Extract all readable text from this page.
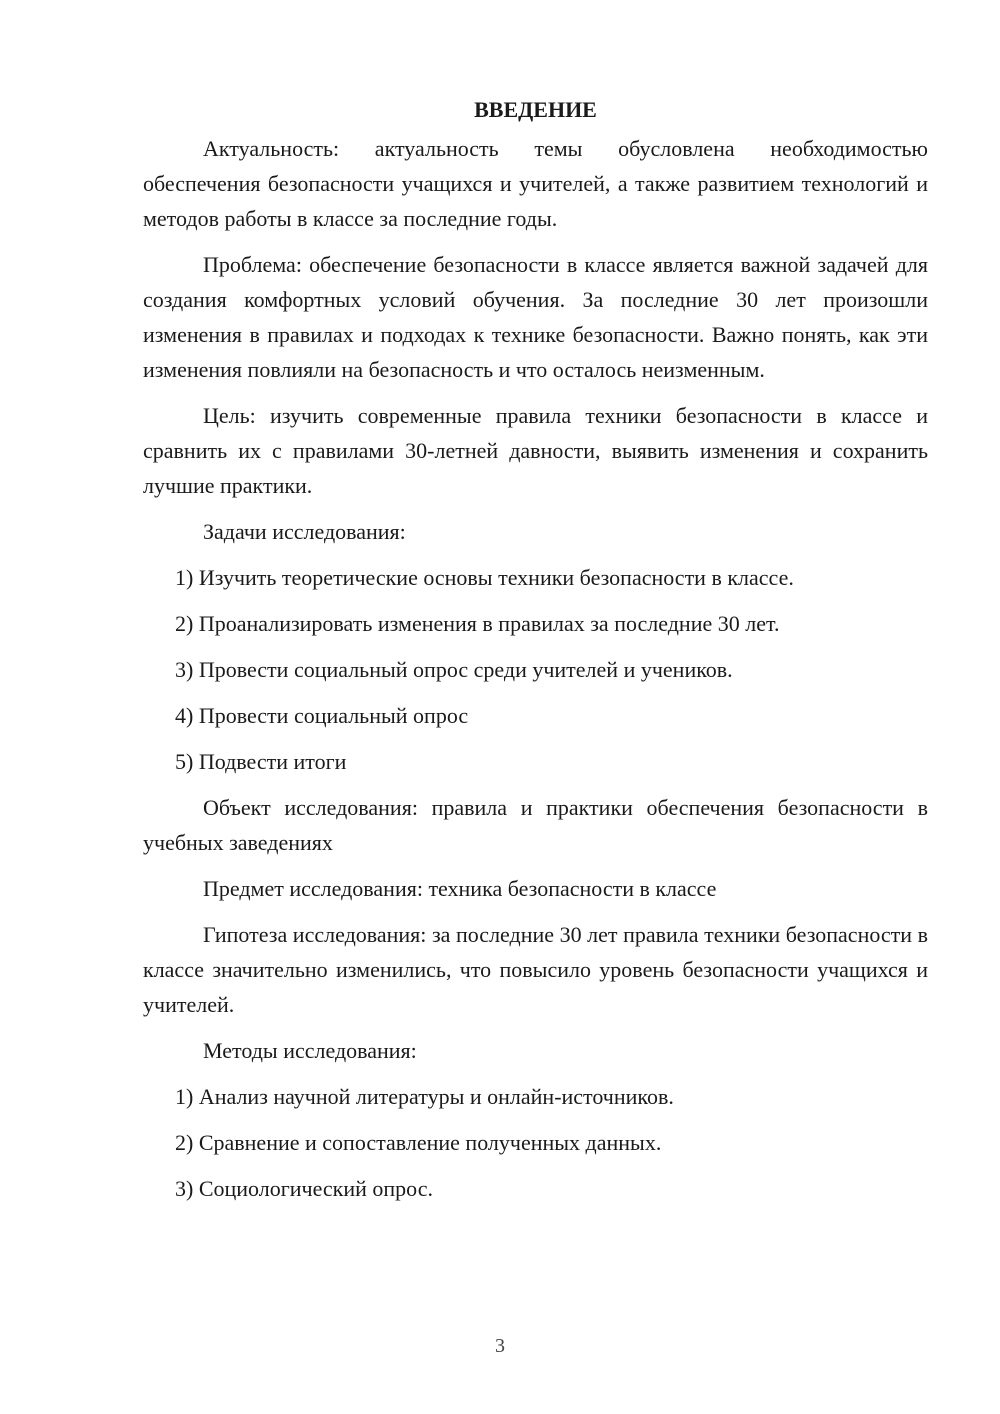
ВВЕДЕНИЕ

Актуальность: актуальность темы обусловлена необходимостью обеспечения безопасности учащихся и учителей, а также развитием технологий и методов работы в классе за последние годы.

Проблема: обеспечение безопасности в классе является важной задачей для создания комфортных условий обучения. За последние 30 лет произошли изменения в правилах и подходах к технике безопасности. Важно понять, как эти изменения повлияли на безопасность и что осталось неизменным.

Цель: изучить современные правила техники безопасности в классе и сравнить их с правилами 30-летней давности, выявить изменения и сохранить лучшие практики.

Задачи исследования:

1) Изучить теоретические основы техники безопасности в классе.

2) Проанализировать изменения в правилах за последние 30 лет.

3) Провести социальный опрос среди учителей и учеников.

4) Провести социальный опрос

5) Подвести итоги

Объект исследования: правила и практики обеспечения безопасности в учебных заведениях

Предмет исследования: техника безопасности в классе

Гипотеза исследования: за последние 30 лет правила техники безопасности в классе значительно изменились, что повысило уровень безопасности учащихся и учителей.

Методы исследования:

1) Анализ научной литературы и онлайн-источников.

2) Сравнение и сопоставление полученных данных.

3) Социологический опрос.

3
